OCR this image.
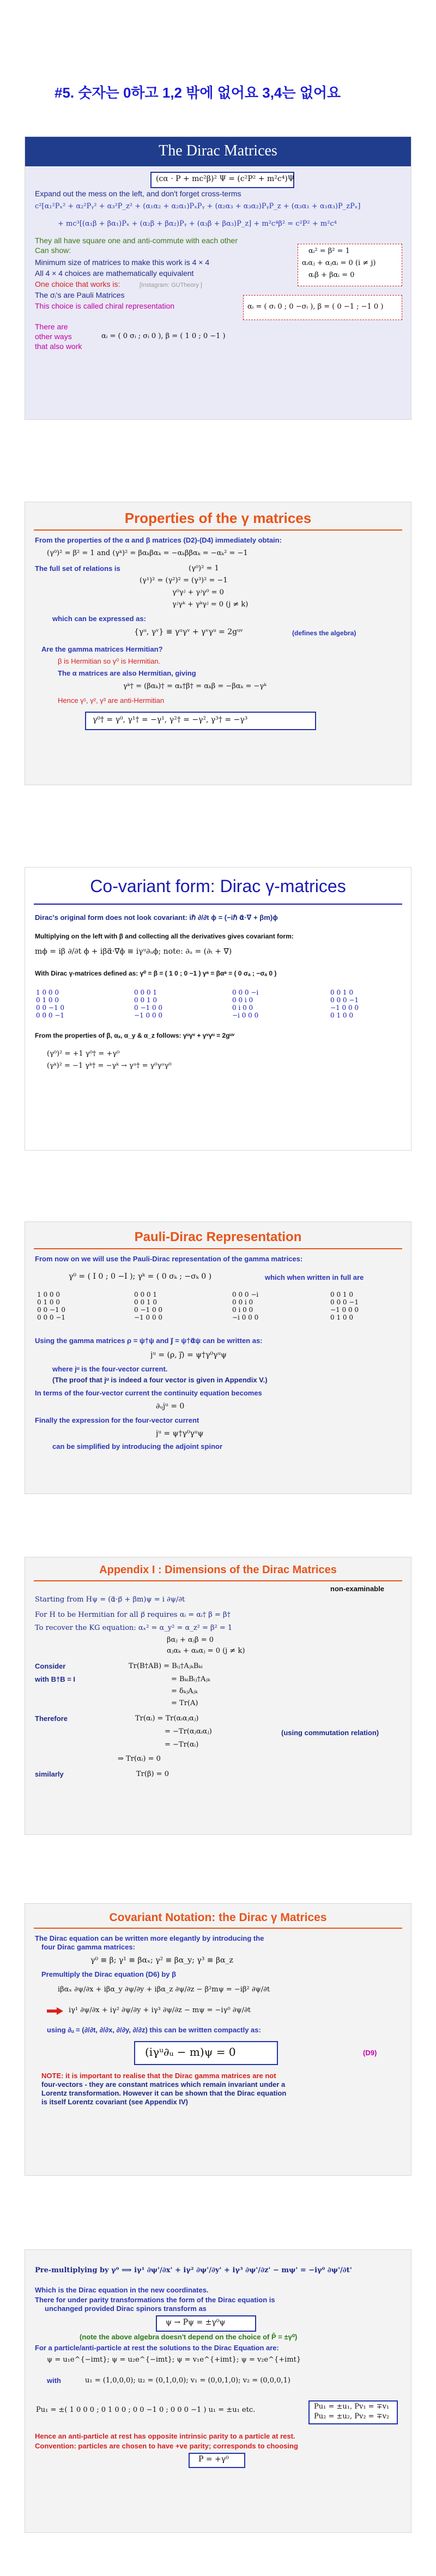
#5. 숫자는 0하고 1,2 밖에 없어요 3,4는 없어요
The Dirac Matrices
(cα · P + mc²β)² Ψ = (c²P² + m²c⁴)Ψ
Expand out the mess on the left, and don't forget cross-terms
c²[α₁²P̂ₓ² + α₂²P̂ᵧ² + α₃²P̂_z² + (α₁α₂ + α₂α₁)P̂ₓP̂ᵧ + (α₂α₃ + α₃α₂)P̂ᵧP̂_z + (α₃α₁ + α₁α₃)P̂_zP̂ₓ]
+ mc³[(α₁β + βα₁)P̂ₓ + (α₂β + βα₂)P̂ᵧ + (α₃β + βα₃)P̂_z] + m²c⁴β² = c²P̂² + m²c⁴
They all have square one and anti-commute with each other
Can show:	αᵢ² = β² = 1
αᵢαⱼ + αⱼαᵢ = 0 (i ≠ j)
αᵢβ + βαᵢ = 0
Minimum size of matrices to make this work is 4 × 4
All 4 × 4 choices are mathematically equivalent
One choice that works is:	[Instagram: GUTheory ]
The σᵢ's are Pauli Matrices
This choice is called chiral representation	αᵢ = ( σᵢ 0 ; 0 −σᵢ ), β = ( 0 −1 ; −1 0 )
There are
other ways
that also work
αᵢ = ( 0 σᵢ ; σᵢ 0 ), β = ( 1 0 ; 0 −1 )
Properties of the γ matrices
From the properties of the α and β matrices (D2)-(D4) immediately obtain:
(γ⁰)² = β² = 1 and (γᵏ)² = βαₖβαₖ = −αₖββαₖ = −αₖ² = −1
The full set of relations is	(γ⁰)² = 1
(γ¹)² = (γ²)² = (γ³)² = −1
γ⁰γʲ + γʲγ⁰ = 0
γʲγᵏ + γᵏγʲ = 0 (j ≠ k)
which can be expressed as:
{γᵘ, γᵛ} ≡ γᵘγᵛ + γᵛγᵘ = 2gᵘᵛ	(defines the algebra)
Are the gamma matrices Hermitian?
β is Hermitian so γ⁰ is Hermitian.
The α matrices are also Hermitian, giving
γᵏ† = (βαₖ)† = αₖ†β† = αₖβ = −βαₖ = −γᵏ
Hence γ¹, γ², γ³ are anti-Hermitian
γ⁰† = γ⁰, γ¹† = −γ¹, γ²† = −γ², γ³† = −γ³
Co-variant form: Dirac γ-matrices
Dirac's original form does not look covariant: iℏ ∂/∂t ϕ = (−iℏ α⃗·∇⃗ + βm)ϕ
Multiplying on the left with β and collecting all the derivatives gives covariant form:
mϕ = iβ ∂/∂t ϕ + iβα⃗·∇⃗ϕ ≡ iγᵘ∂ᵤϕ; note: ∂ᵤ = (∂ₜ + ∇⃗)
With Dirac γ-matrices defined as: γ⁰ = β = ( 1 0 ; 0 −1 ) γᵃ = βαᵃ = ( 0 σₐ ; −σₐ 0 )
1 0 0 0
0 1 0 0
0 0 −1 0
0 0 0 −1
0 0 0 1
0 0 1 0
0 −1 0 0
−1 0 0 0
0 0 0 −i
0 0 i 0
0 i 0 0
−i 0 0 0
0 0 1 0
0 0 0 −1
−1 0 0 0
0 1 0 0
From the properties of β, αₓ, α_y & α_z follows: γᵘγᵛ + γᵛγᵘ = 2gᵘᵛ
(γ⁰)² = +1 γ⁰† = +γ⁰
(γᵏ)² = −1 γᵏ† = −γᵏ → γᵘ† = γ⁰γᵘγ⁰
Pauli-Dirac Representation
From now on we will use the Pauli-Dirac representation of the gamma matrices:
γ⁰ = ( I 0 ; 0 −I ); γᵏ = ( 0 σₖ ; −σₖ 0 )	which when written in full are
1 0 0 0
0 1 0 0
0 0 −1 0
0 0 0 −1
0 0 0 1
0 0 1 0
0 −1 0 0
−1 0 0 0
0 0 0 −i
0 0 i 0
0 i 0 0
−i 0 0 0
0 0 1 0
0 0 0 −1
−1 0 0 0
0 1 0 0
Using the gamma matrices ρ = ψ†ψ and j⃗ = ψ†α⃗ψ can be written as:
jᵘ = (ρ, j⃗) = ψ†γ⁰γᵘψ
where jᵘ is the four-vector current.
(The proof that jᵘ is indeed a four vector is given in Appendix V.)
In terms of the four-vector current the continuity equation becomes
∂ᵤjᵘ = 0
Finally the expression for the four-vector current
jᵘ = ψ†γ⁰γᵘψ
can be simplified by introducing the adjoint spinor
Appendix I : Dimensions of the Dirac Matrices
non-examinable
Starting from Ĥψ = (α⃗·p⃗ + βm)ψ = i ∂ψ/∂t
For Ĥ to be Hermitian for all p⃗ requires αᵢ = αᵢ† β = β†
To recover the KG equation: αₓ² = α_y² = α_z² = β² = 1
βαⱼ + αⱼβ = 0
αⱼαₖ + αₖαⱼ = 0 (j ≠ k)
Consider	Tr(B†AB) = Bᵢⱼ†AⱼₖBₖᵢ
with B†B = I	= BₖᵢBᵢⱼ†Aⱼₖ
= δₖⱼAⱼₖ
= Tr(A)
Therefore	Tr(αᵢ) = Tr(αᵢαⱼαⱼ)
= −Tr(αⱼαᵢαⱼ)	(using commutation relation)
= −Tr(αᵢ)
⇒ Tr(αᵢ) = 0
similarly	Tr(β) = 0
Covariant Notation: the Dirac γ Matrices
The Dirac equation can be written more elegantly by introducing the
four Dirac gamma matrices:
γ⁰ ≡ β; γ¹ ≡ βαₓ; γ² ≡ βα_y; γ³ ≡ βα_z
Premultiply the Dirac equation (D6) by β
iβαₓ ∂ψ/∂x + iβα_y ∂ψ/∂y + iβα_z ∂ψ/∂z − β²mψ = −iβ² ∂ψ/∂t
iγ¹ ∂ψ/∂x + iγ² ∂ψ/∂y + iγ³ ∂ψ/∂z − mψ = −iγ⁰ ∂ψ/∂t
using ∂ᵤ = (∂/∂t, ∂/∂x, ∂/∂y, ∂/∂z) this can be written compactly as:
(iγᵘ∂ᵤ − m)ψ = 0	(D9)
NOTE: it is important to realise that the Dirac gamma matrices are not
four-vectors - they are constant matrices which remain invariant under a
Lorentz transformation. However it can be shown that the Dirac equation
is itself Lorentz covariant (see Appendix IV)
Pre-multiplying by γ⁰ ⟹ iγ¹ ∂ψ'/∂x' + iγ² ∂ψ'/∂y' + iγ³ ∂ψ'/∂z' − mψ' = −iγ⁰ ∂ψ'/∂t'
Which is the Dirac equation in the new coordinates.
There for under parity transformations the form of the Dirac equation is
unchanged provided Dirac spinors transform as
ψ → P̂ψ = ±γ⁰ψ
(note the above algebra doesn't depend on the choice of P̂ = ±γ⁰)
For a particle/anti-particle at rest the solutions to the Dirac Equation are:
ψ = u₁e^{−imt}; ψ = u₂e^{−imt}; ψ = v₁e^{+imt}; ψ = v₂e^{+imt}
with	u₁ = (1,0,0,0); u₂ = (0,1,0,0); v₁ = (0,0,1,0); v₂ = (0,0,0,1)
P̂u₁ = ±( 1 0 0 0 ; 0 1 0 0 ; 0 0 −1 0 ; 0 0 0 −1 ) u₁ = ±u₁ etc.	P̂u₁ = ±u₁, P̂v₁ = ∓v₁
P̂u₂ = ±u₂, P̂v₂ = ∓v₂
Hence an anti-particle at rest has opposite intrinsic parity to a particle at rest.
Convention: particles are chosen to have +ve parity; corresponds to choosing
P̂ = +γ⁰
